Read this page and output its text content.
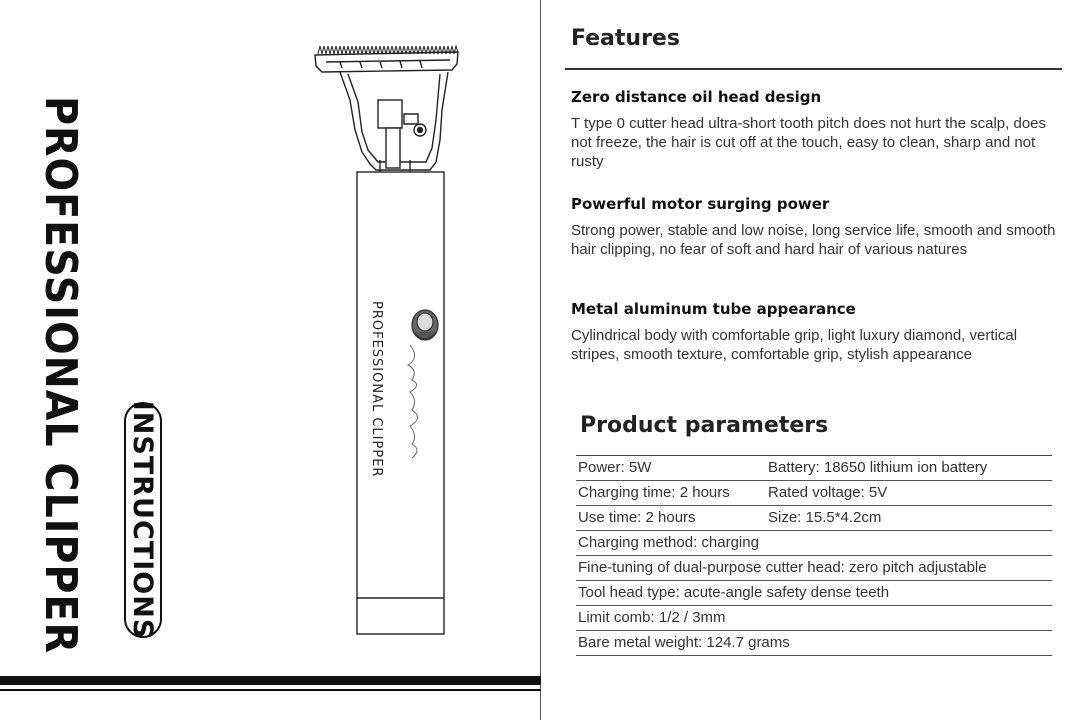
PROFESSIONAL CLIPPER INSTRUCTIONS
PROFESSIONAL CLIPPER
Features
Zero distance oil head design
T type 0 cutter head ultra-short tooth pitch does not hurt the scalp, does not freeze, the hair is cut off at the touch, easy to clean, sharp and not rusty
Powerful motor surging power
Strong power, stable and low noise, long service life, smooth and smooth hair clipping, no fear of soft and hard hair of various natures
Metal aluminum tube appearance
Cylindrical body with comfortable grip, light luxury diamond, vertical stripes, smooth texture, comfortable grip, stylish appearance
Product parameters
Power: 5W	Battery: 18650 lithium ion battery
Charging time: 2 hours	Rated voltage: 5V
Use time: 2 hours	Size: 15.5*4.2cm
Charging method: charging
Fine-tuning of dual-purpose cutter head: zero pitch adjustable
Tool head type: acute-angle safety dense teeth
Limit comb: 1/2 / 3mm
Bare metal weight: 124.7 grams
